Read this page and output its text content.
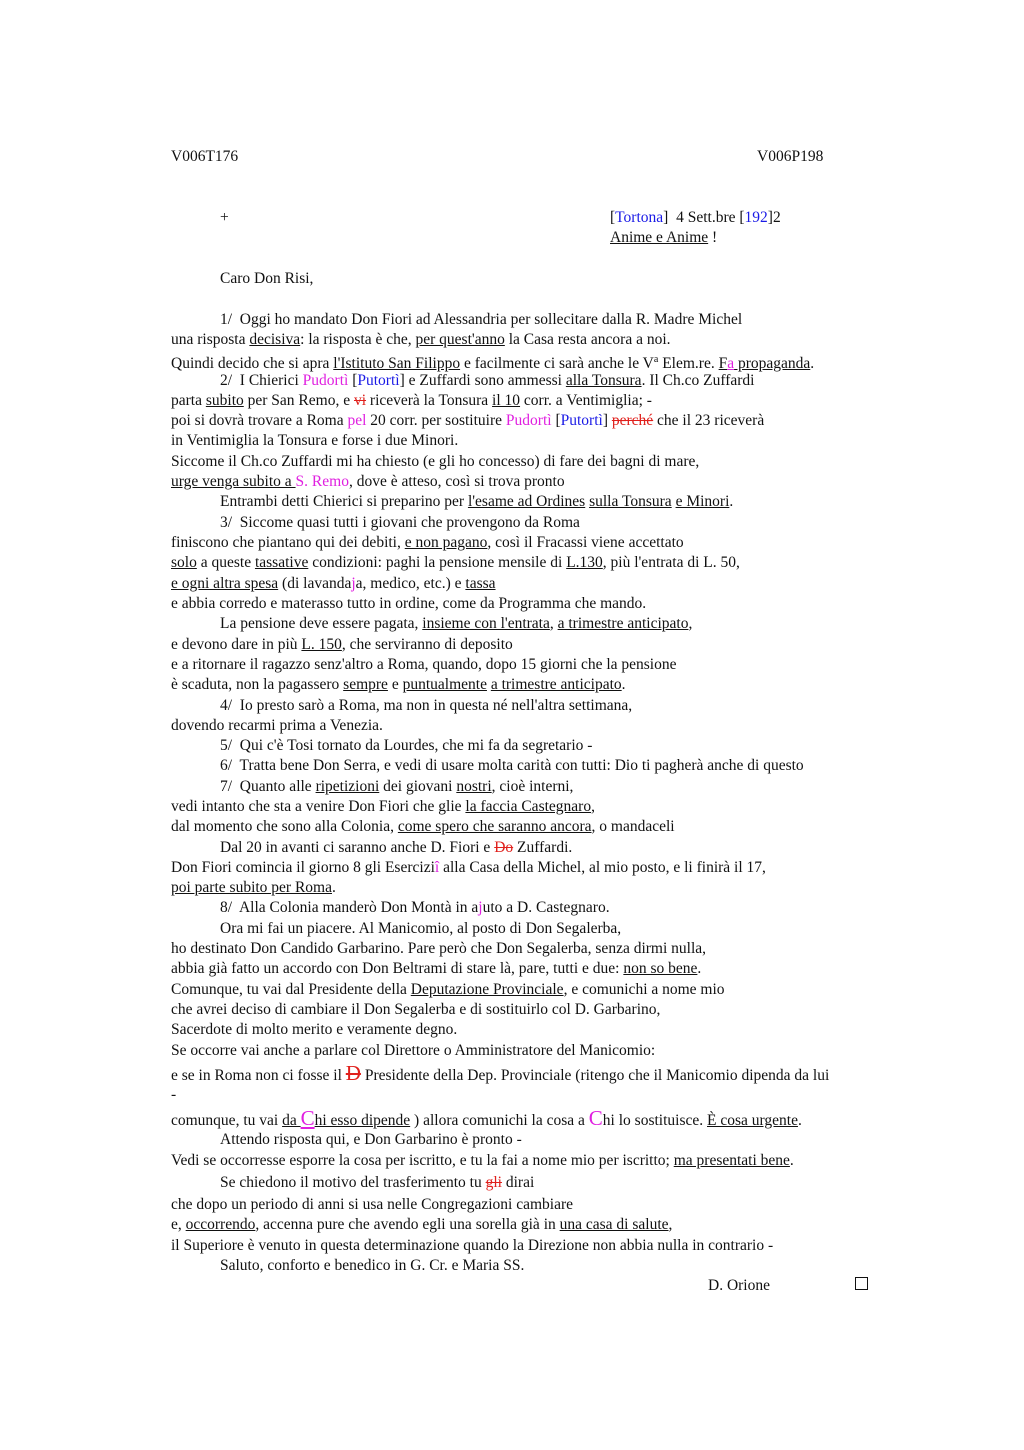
V006T176	V006P198
+	[Tortona]  4 Sett.bre [192]2
Anime e Anime !
Caro Don Risi,
1/  Oggi ho mandato Don Fiori ad Alessandria per sollecitare dalla R. Madre Michel
una risposta decisiva: la risposta è che, per quest'anno la Casa resta ancora a noi.
Quindi decido che si apra l'Istituto San Filippo e facilmente ci sarà anche le $V^a$ Elem.re. Fa propaganda.
2/  I Chierici Pudortì [Putortì] e Zuffardi sono ammessi alla Tonsura. Il Ch.co Zuffardi
parta subito per San Remo, e vi riceverà la Tonsura il 10 corr. a Ventimiglia; -
poi si dovrà trovare a Roma pel 20 corr. per sostituire Pudortì [Putortì] perché che il 23 riceverà
in Ventimiglia la Tonsura e forse i due Minori.
Siccome il Ch.co Zuffardi mi ha chiesto (e gli ho concesso) di fare dei bagni di mare,
urge venga subito a S. Remo, dove è atteso, così si trova pronto
Entrambi detti Chierici si preparino per l'esame ad Ordines sulla Tonsura e Minori.
3/  Siccome quasi tutti i giovani che provengono da Roma
finiscono che piantano qui dei debiti, e non pagano, così il Fracassi viene accettato
solo a queste tassative condizioni: paghi la pensione mensile di L.130, più l'entrata di L. 50,
e ogni altra spesa (di lavandaja, medico, etc.) e tassa
e abbia corredo e materasso tutto in ordine, come da Programma che mando.
La pensione deve essere pagata, insieme con l'entrata, a trimestre anticipato,
e devono dare in più L. 150, che serviranno di deposito
e a ritornare il ragazzo senz'altro a Roma, quando, dopo 15 giorni che la pensione
è scaduta, non la pagassero sempre e puntualmente a trimestre anticipato.
4/  Io presto sarò a Roma, ma non in questa né nell'altra settimana,
dovendo recarmi prima a Venezia.
5/  Qui c'è Tosi tornato da Lourdes, che mi fa da segretario -
6/  Tratta bene Don Serra, e vedi di usare molta carità con tutti: Dio ti pagherà anche di questo
7/  Quanto alle ripetizioni dei giovani nostri, cioè interni,
vedi intanto che sta a venire Don Fiori che glie la faccia Castegnaro,
dal momento che sono alla Colonia, come spero che saranno ancora, o mandaceli
Dal 20 in avanti ci saranno anche D. Fiori e Do Zuffardi.
Don Fiori comincia il giorno 8 gli Eserciziî alla Casa della Michel, al mio posto, e li finirà il 17,
poi parte subito per Roma.
8/  Alla Colonia manderò Don Montà in ajuto a D. Castegnaro.
Ora mi fai un piacere. Al Manicomio, al posto di Don Segalerba,
ho destinato Don Candido Garbarino. Pare però che Don Segalerba, senza dirmi nulla,
abbia già fatto un accordo con Don Beltrami di stare là, pare, tutti e due: non so bene.
Comunque, tu vai dal Presidente della Deputazione Provinciale, e comunichi a nome mio
che avrei deciso di cambiare il Don Segalerba e di sostituirlo col D. Garbarino,
Sacerdote di molto merito e veramente degno.
Se occorre vai anche a parlare col Direttore o Amministratore del Manicomio:
e se in Roma non ci fosse il D Presidente della Dep. Provinciale (ritengo che il Manicomio dipenda da lui
-
comunque, tu vai da Chi esso dipende ) allora comunichi la cosa a Chi lo sostituisce. È cosa urgente.
Attendo risposta qui, e Don Garbarino è pronto -
Vedi se occorresse esporre la cosa per iscritto, e tu la fai a nome mio per iscritto; ma presentati bene.
Se chiedono il motivo del trasferimento tu gli dirai
che dopo un periodo di anni si usa nelle Congregazioni cambiare
e, occorrendo, accenna pure che avendo egli una sorella già in una casa di salute,
il Superiore è venuto in questa determinazione quando la Direzione non abbia nulla in contrario -
Saluto, conforto e benedico in G. Cr. e Maria SS.
D. Orione
